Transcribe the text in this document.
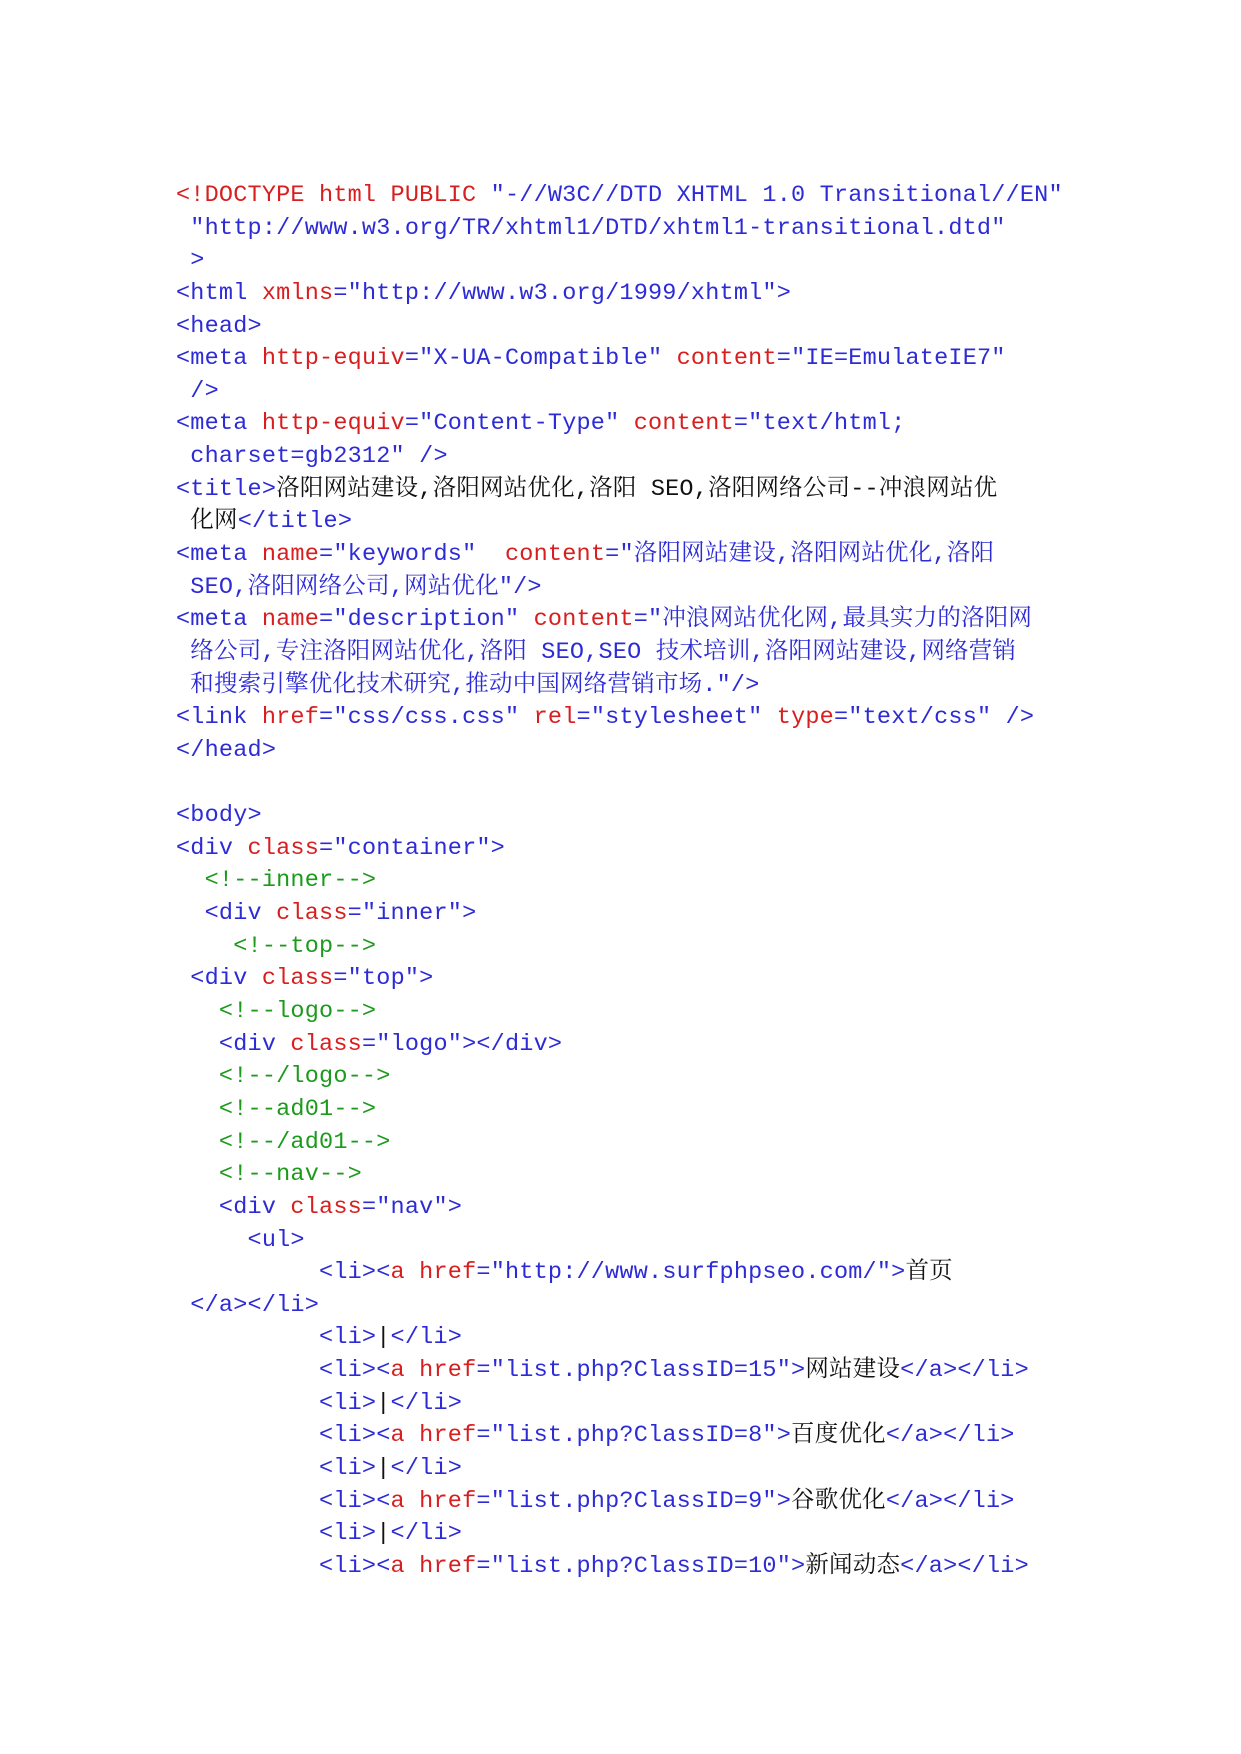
<!DOCTYPE html PUBLIC "-//W3C//DTD XHTML 1.0 Transitional//EN"
"http://www.w3.org/TR/xhtml1/DTD/xhtml1-transitional.dtd"
>
<html xmlns="http://www.w3.org/1999/xhtml">
<head>
<meta http-equiv="X-UA-Compatible" content="IE=EmulateIE7"
/>
<meta http-equiv="Content-Type" content="text/html;
charset=gb2312" />
<title>洛阳网站建设,洛阳网站优化,洛阳 SEO,洛阳网络公司--冲浪网站优
化网</title>
<meta name="keywords"  content="洛阳网站建设,洛阳网站优化,洛阳
SEO,洛阳网络公司,网站优化"/>
<meta name="description" content="冲浪网站优化网,最具实力的洛阳网
络公司,专注洛阳网站优化,洛阳 SEO,SEO 技术培训,洛阳网站建设,网络营销
和搜索引擎优化技术研究,推动中国网络营销市场."/>
<link href="css/css.css" rel="stylesheet" type="text/css" />
</head>
<body>
<div class="container">
<!--inner-->
<div class="inner">
<!--top-->
<div class="top">
<!--logo-->
<div class="logo"></div>
<!--/logo-->
<!--ad01-->
<!--/ad01-->
<!--nav-->
<div class="nav">
<ul>
<li><a href="http://www.surfphpseo.com/">首页
</a></li>
<li>|</li>
<li><a href="list.php?ClassID=15">网站建设</a></li>
<li>|</li>
<li><a href="list.php?ClassID=8">百度优化</a></li>
<li>|</li>
<li><a href="list.php?ClassID=9">谷歌优化</a></li>
<li>|</li>
<li><a href="list.php?ClassID=10">新闻动态</a></li>
